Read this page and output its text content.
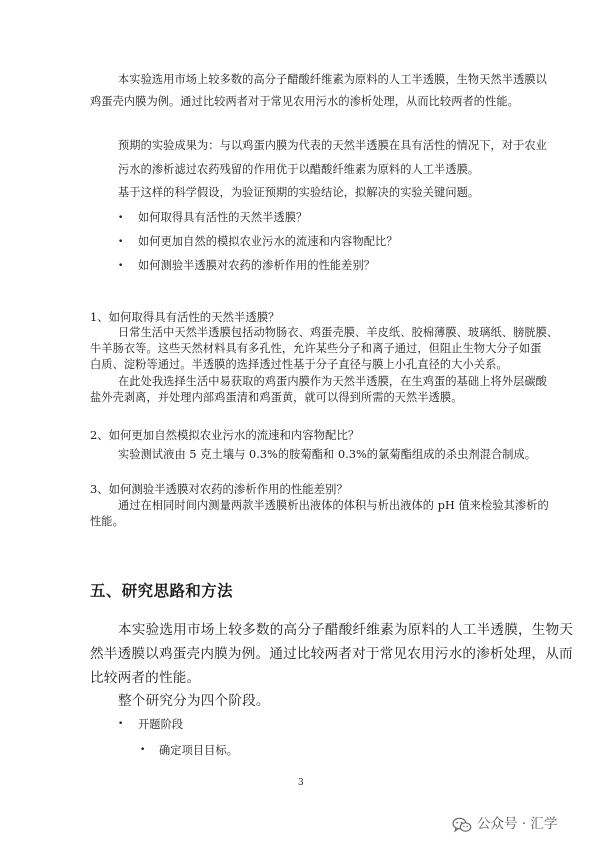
本实验选用市场上较多数的高分子醋酸纤维素为原料的人工半透膜，生物天然半透膜以
鸡蛋壳内膜为例。通过比较两者对于常见农用污水的渗析处理，从而比较两者的性能。
预期的实验成果为：与以鸡蛋内膜为代表的天然半透膜在具有活性的情况下，对于农业
污水的渗析滤过农药残留的作用优于以醋酸纤维素为原料的人工半透膜。
基于这样的科学假设，为验证预期的实验结论，拟解决的实验关键问题。
• 如何取得具有活性的天然半透膜？
• 如何更加自然的模拟农业污水的流速和内容物配比？
• 如何测验半透膜对农药的渗析作用的性能差别？
1、如何取得具有活性的天然半透膜？
日常生活中天然半透膜包括动物肠衣、鸡蛋壳膜、羊皮纸、胶棉薄膜、玻璃纸、膀胱膜、
牛羊肠衣等。这些天然材料具有多孔性，允许某些分子和离子通过，但阻止生物大分子如蛋
白质、淀粉等通过。半透膜的选择透过性基于分子直径与膜上小孔直径的大小关系。
在此处我选择生活中易获取的鸡蛋内膜作为天然半透膜，在生鸡蛋的基础上将外层碳酸
盐外壳剥离，并处理内部鸡蛋清和鸡蛋黄，就可以得到所需的天然半透膜。
2、如何更加自然模拟农业污水的流速和内容物配比？
实验测试液由 5 克土壤与 0.3%的胺菊酯和 0.3%的氯菊酯组成的杀虫剂混合制成。
3、如何测验半透膜对农药的渗析作用的性能差别？
通过在相同时间内测量两款半透膜析出液体的体积与析出液体的 pH 值来检验其渗析的
性能。
五、研究思路和方法
本实验选用市场上较多数的高分子醋酸纤维素为原料的人工半透膜，生物天
然半透膜以鸡蛋壳内膜为例。通过比较两者对于常见农用污水的渗析处理，从而
比较两者的性能。
整个研究分为四个阶段。
• 开题阶段
• 确定项目目标。
3
公众号 · 汇学
